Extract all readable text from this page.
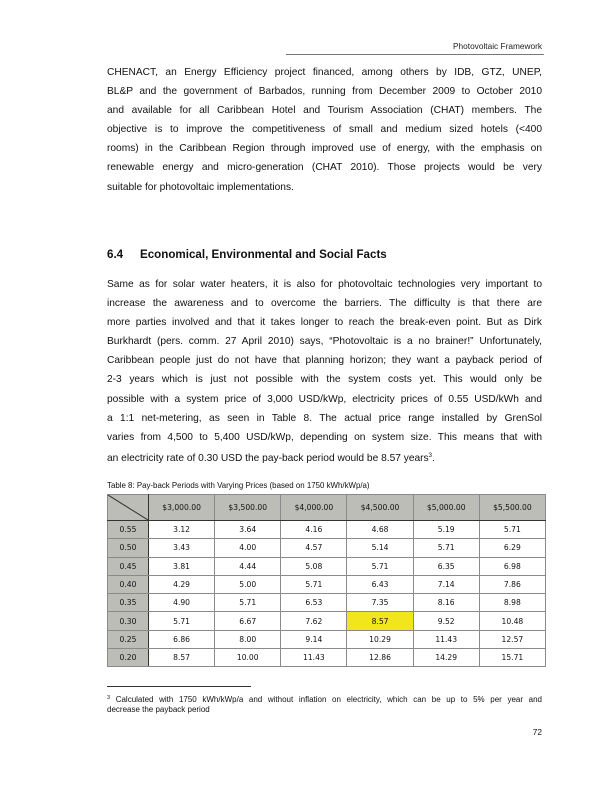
Photovoltaic Framework
CHENACT, an Energy Efficiency project financed, among others by IDB, GTZ, UNEP,
BL&P and the government of Barbados, running from December 2009 to October 2010
and available for all Caribbean Hotel and Tourism Association (CHAT) members. The
objective is to improve the competitiveness of small and medium sized hotels (<400
rooms) in the Caribbean Region through improved use of energy, with the emphasis on
renewable energy and micro-generation (CHAT 2010). Those projects would be very
suitable for photovoltaic implementations.
6.4 Economical, Environmental and Social Facts
Same as for solar water heaters, it is also for photovoltaic technologies very important to
increase the awareness and to overcome the barriers. The difficulty is that there are
more parties involved and that it takes longer to reach the break-even point. But as Dirk
Burkhardt (pers. comm. 27 April 2010) says, “Photovoltaic is a no brainer!” Unfortunately,
Caribbean people just do not have that planning horizon; they want a payback period of
2-3 years which is just not possible with the system costs yet. This would only be
possible with a system price of 3,000 USD/kWp, electricity prices of 0.55 USD/kWh and
a 1:1 net-metering, as seen in Table 8. The actual price range installed by GrenSol
varies from 4,500 to 5,400 USD/kWp, depending on system size. This means that with
an electricity rate of 0.30 USD the pay-back period would be 8.57 years$^3$.
Table 8: Pay-back Periods with Varying Prices (based on 1750 kWh/kWp/a)
	$3,000.00	$3,500.00	$4,000.00	$4,500.00	$5,000.00	$5,500.00
0.55	3.12	3.64	4.16	4.68	5.19	5.71
0.50	3.43	4.00	4.57	5.14	5.71	6.29
0.45	3.81	4.44	5.08	5.71	6.35	6.98
0.40	4.29	5.00	5.71	6.43	7.14	7.86
0.35	4.90	5.71	6.53	7.35	8.16	8.98
0.30	5.71	6.67	7.62	8.57	9.52	10.48
0.25	6.86	8.00	9.14	10.29	11.43	12.57
0.20	8.57	10.00	11.43	12.86	14.29	15.71
$^3$ Calculated with 1750 kWh/kWp/a and without inflation on electricity, which can be up to 5% per year and
decrease the payback period
72
